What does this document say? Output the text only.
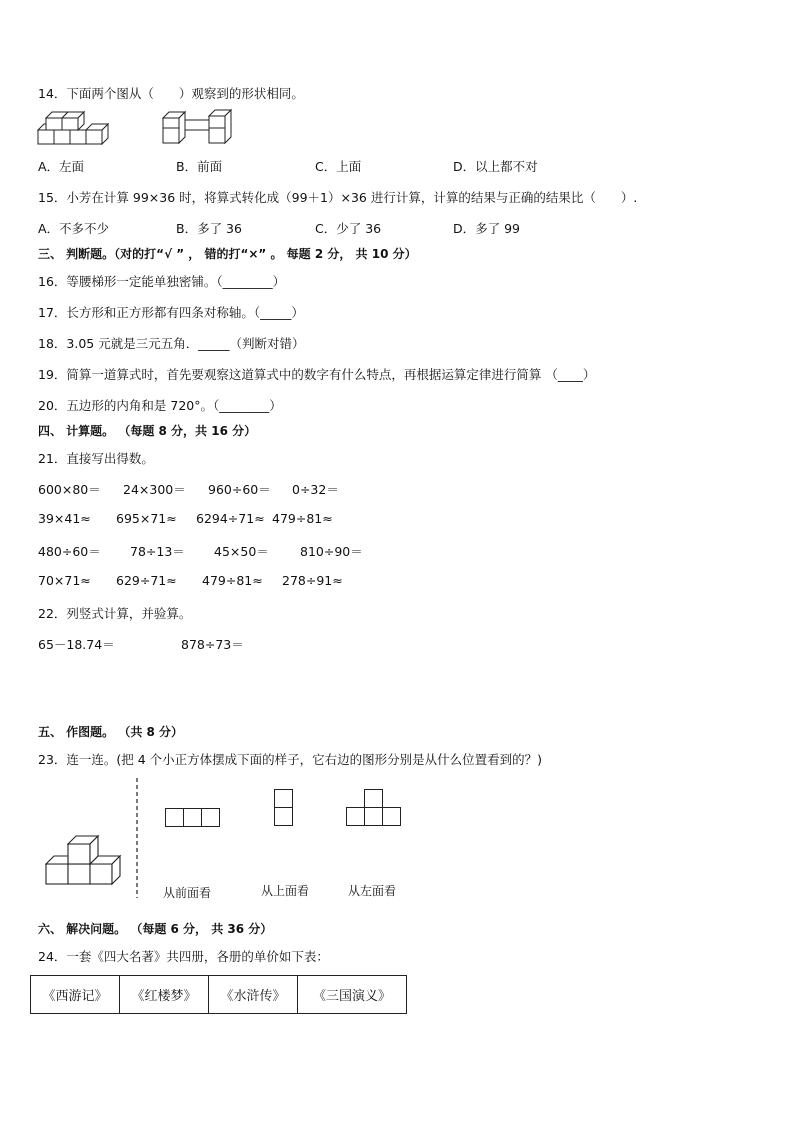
14．下面两个图从（　　）观察到的形状相同。
A．左面	B．前面	C．上面	D．以上都不对
15．小芳在计算 99×36 时，将算式转化成（99＋1）×36 进行计算，计算的结果与正确的结果比（　　）.
A．不多不少	B．多了 36	C．少了 36	D．多了 99
三、 判断题。（对的打“√ ” ， 错的打“×” 。 每题 2 分， 共 10 分）
16．等腰梯形一定能单独密铺。（________）
17．长方形和正方形都有四条对称轴。（_____）
18．3.05 元就是三元五角．_____（判断对错）
19．简算一道算式时，首先要观察这道算式中的数字有什么特点，再根据运算定律进行简算 （____）
20．五边形的内角和是 720°。（________）
四、 计算题。 （每题 8 分，共 16 分）
21．直接写出得数。
600×80＝ 24×300＝ 960÷60＝ 0÷32＝
39×41≈ 695×71≈ 6294÷71≈ 479÷81≈
480÷60＝ 78÷13＝ 45×50＝ 810÷90＝
70×71≈ 629÷71≈ 479÷81≈ 278÷91≈
22．列竖式计算，并验算。
65－18.74＝	878÷73＝
五、 作图题。 （共 8 分）
23．连一连。(把 4 个小正方体摆成下面的样子，它右边的图形分别是从什么位置看到的？)
从前面看	从上面看	从左面看
六、 解决问题。 （每题 6 分， 共 36 分）
24．一套《四大名著》共四册，各册的单价如下表：
《西游记》	《红楼梦》	《水浒传》	《三国演义》
